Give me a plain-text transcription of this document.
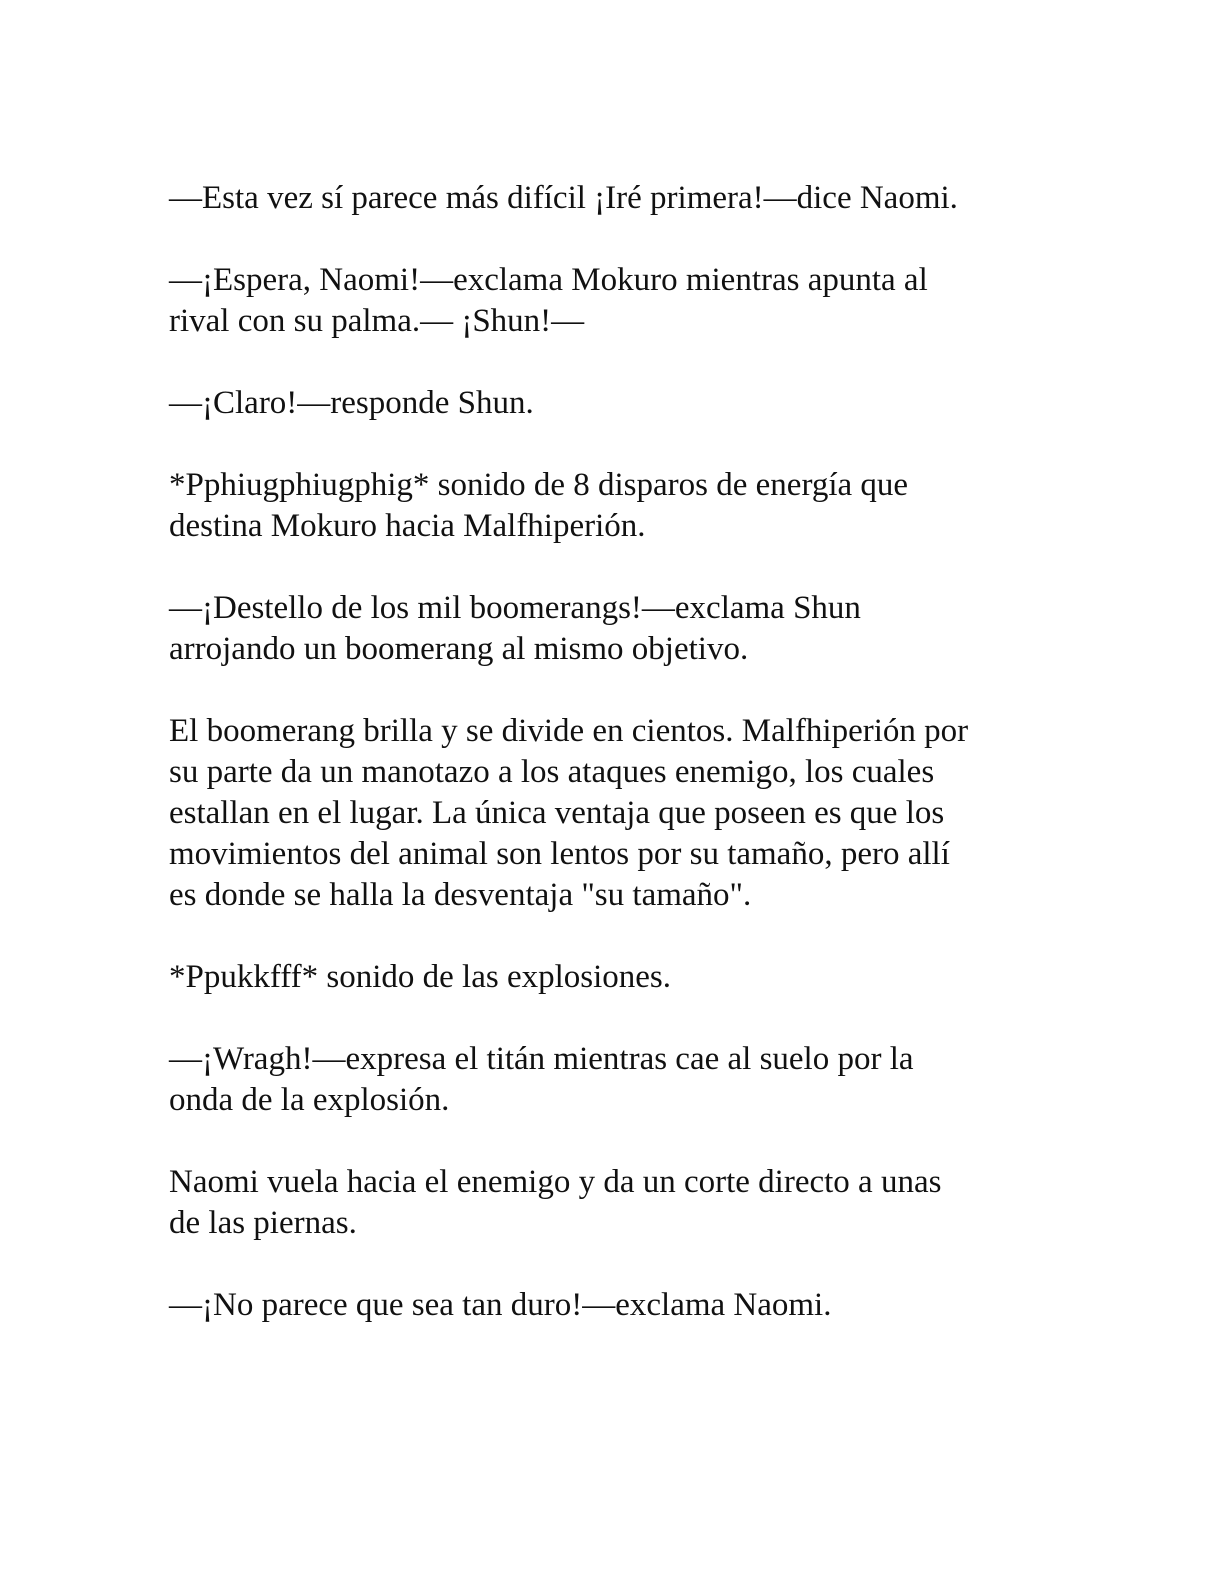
—Esta vez sí parece más difícil ¡Iré primera!—dice Naomi.

—¡Espera, Naomi!—exclama Mokuro mientras apunta al
rival con su palma.— ¡Shun!—

—¡Claro!—responde Shun.

*Pphiugphiugphig* sonido de 8 disparos de energía que
destina Mokuro hacia Malfhiperión.

—¡Destello de los mil boomerangs!—exclama Shun
arrojando un boomerang al mismo objetivo.

El boomerang brilla y se divide en cientos. Malfhiperión por
su parte da un manotazo a los ataques enemigo, los cuales
estallan en el lugar. La única ventaja que poseen es que los
movimientos del animal son lentos por su tamaño, pero allí
es donde se halla la desventaja "su tamaño".

*Ppukkfff* sonido de las explosiones.

—¡Wragh!—expresa el titán mientras cae al suelo por la
onda de la explosión.

Naomi vuela hacia el enemigo y da un corte directo a unas
de las piernas.

—¡No parece que sea tan duro!—exclama Naomi.
